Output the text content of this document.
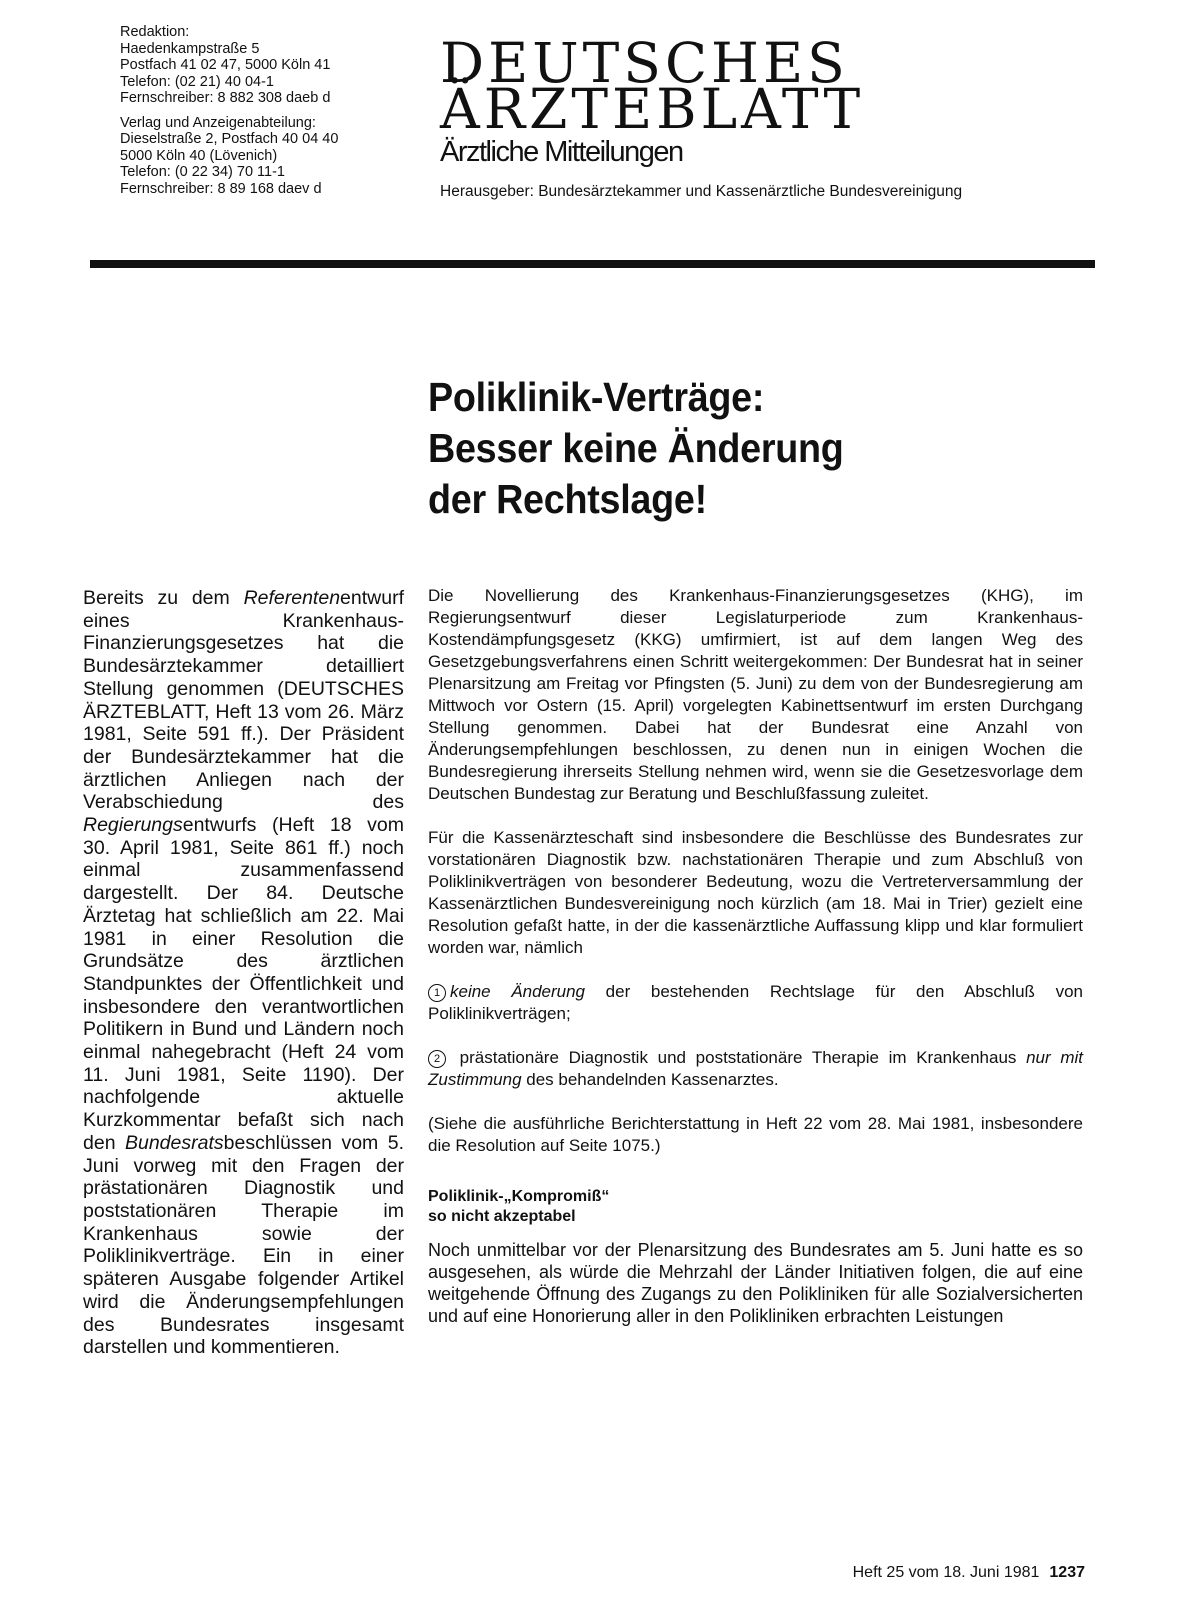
Redaktion:
Haedenkampstraße 5
Postfach 41 02 47, 5000 Köln 41
Telefon: (02 21) 40 04-1
Fernschreiber: 8 882 308 daeb d
Verlag und Anzeigenabteilung:
Dieselstraße 2, Postfach 40 04 40
5000 Köln 40 (Lövenich)
Telefon: (0 22 34) 70 11-1
Fernschreiber: 8 89 168 daev d
DEUTSCHES
ÄRZTEBLATT
Ärztliche Mitteilungen
Herausgeber: Bundesärztekammer und Kassenärztliche Bundesvereinigung
Poliklinik-Verträge:
Besser keine Änderung
der Rechtslage!
Bereits zu dem Referentenentwurf eines Krankenhaus-Finanzierungsgesetzes hat die Bundesärztekammer detailliert Stellung genommen (DEUTSCHES ÄRZTEBLATT, Heft 13 vom 26. März 1981, Seite 591 ff.). Der Präsident der Bundesärztekammer hat die ärztlichen Anliegen nach der Verabschiedung des Regierungsentwurfs (Heft 18 vom 30. April 1981, Seite 861 ff.) noch einmal zusammenfassend dargestellt. Der 84. Deutsche Ärztetag hat schließlich am 22. Mai 1981 in einer Resolution die Grundsätze des ärztlichen Standpunktes der Öffentlichkeit und insbesondere den verantwortlichen Politikern in Bund und Ländern noch einmal nahegebracht (Heft 24 vom 11. Juni 1981, Seite 1190). Der nachfolgende aktuelle Kurzkommentar befaßt sich nach den Bundesratsbeschlüssen vom 5. Juni vorweg mit den Fragen der prästationären Diagnostik und poststationären Therapie im Krankenhaus sowie der Poliklinikverträge. Ein in einer späteren Ausgabe folgender Artikel wird die Änderungsempfehlungen des Bundesrates insgesamt darstellen und kommentieren.

Die Novellierung des Krankenhaus-Finanzierungsgesetzes (KHG), im Regierungsentwurf dieser Legislaturperiode zum Krankenhaus-Kostendämpfungsgesetz (KKG) umfirmiert, ist auf dem langen Weg des Gesetzgebungsverfahrens einen Schritt weitergekommen: Der Bundesrat hat in seiner Plenarsitzung am Freitag vor Pfingsten (5. Juni) zu dem von der Bundesregierung am Mittwoch vor Ostern (15. April) vorgelegten Kabinettsentwurf im ersten Durchgang Stellung genommen. Dabei hat der Bundesrat eine Anzahl von Änderungsempfehlungen beschlossen, zu denen nun in einigen Wochen die Bundesregierung ihrerseits Stellung nehmen wird, wenn sie die Gesetzesvorlage dem Deutschen Bundestag zur Beratung und Beschlußfassung zuleitet.

Für die Kassenärzteschaft sind insbesondere die Beschlüsse des Bundesrates zur vorstationären Diagnostik bzw. nachstationären Therapie und zum Abschluß von Poliklinikverträgen von besonderer Bedeutung, wozu die Vertreterversammlung der Kassenärztlichen Bundesvereinigung noch kürzlich (am 18. Mai in Trier) gezielt eine Resolution gefaßt hatte, in der die kassenärztliche Auffassung klipp und klar formuliert worden war, nämlich

1 keine Änderung der bestehenden Rechtslage für den Abschluß von Poliklinikverträgen;

2 prästationäre Diagnostik und poststationäre Therapie im Krankenhaus nur mit Zustimmung des behandelnden Kassenarztes.

(Siehe die ausführliche Berichterstattung in Heft 22 vom 28. Mai 1981, insbesondere die Resolution auf Seite 1075.)

Poliklinik-„Kompromiß“
so nicht akzeptabel

Noch unmittelbar vor der Plenarsitzung des Bundesrates am 5. Juni hatte es so ausgesehen, als würde die Mehrzahl der Länder Initiativen folgen, die auf eine weitgehende Öffnung des Zugangs zu den Polikliniken für alle Sozialversicherten und auf eine Honorierung aller in den Polikliniken erbrachten Leistungen

Heft 25 vom 18. Juni 1981 1237
